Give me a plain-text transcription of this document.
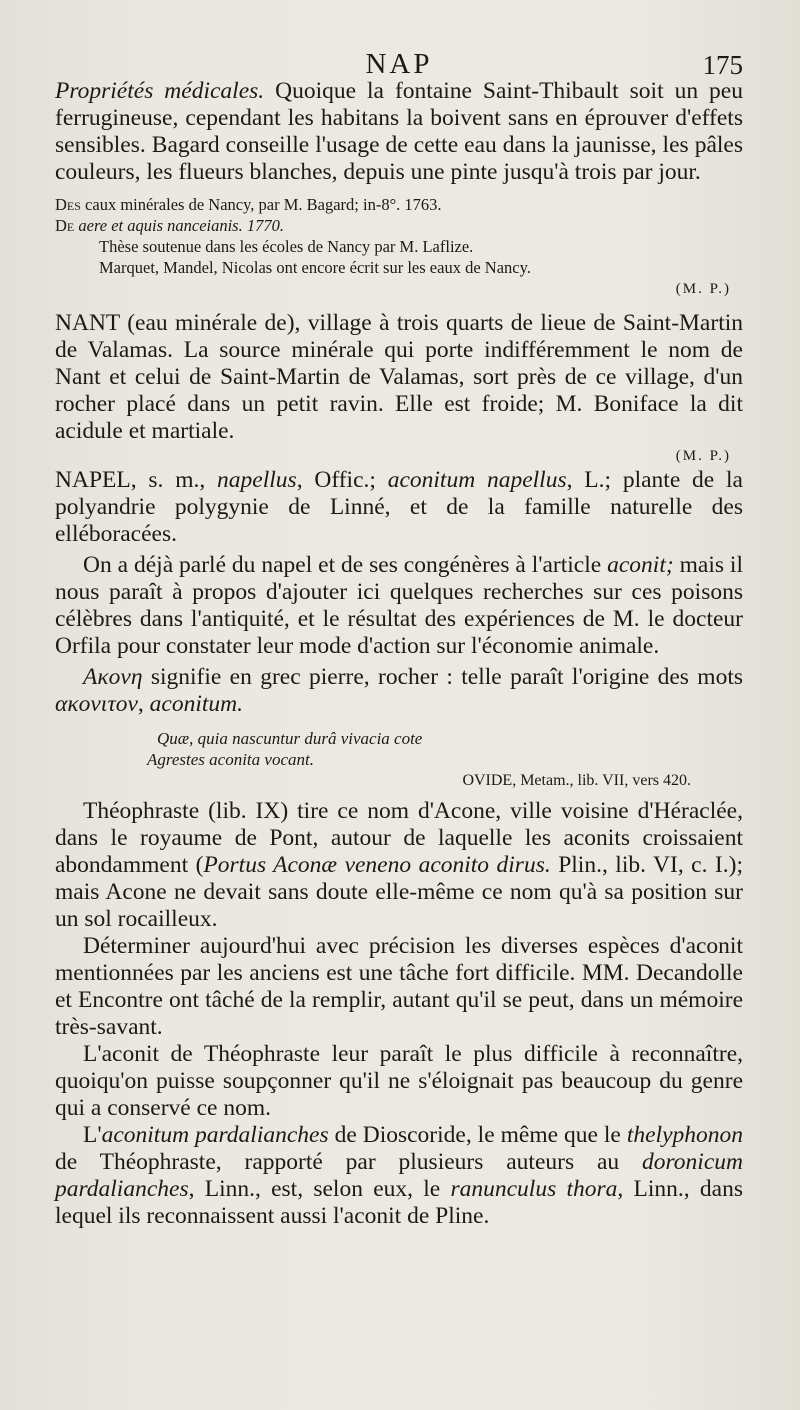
NAP	175

Propriétés médicales. Quoique la fontaine Saint-Thibault soit un peu ferrugineuse, cependant les habitans la boivent sans en éprouver d'effets sensibles. Bagard conseille l'usage de cette eau dans la jaunisse, les pâles couleurs, les flueurs blanches, depuis une pinte jusqu'à trois par jour.

Des caux minérales de Nancy, par M. Bagard; in-8°. 1763.

De aere et aquis nanceianis. 1770.

Thèse soutenue dans les écoles de Nancy par M. Laflize.

Marquet, Mandel, Nicolas ont encore écrit sur les eaux de Nancy.

(M. P.)

NANT (eau minérale de), village à trois quarts de lieue de Saint-Martin de Valamas. La source minérale qui porte indifféremment le nom de Nant et celui de Saint-Martin de Valamas, sort près de ce village, d'un rocher placé dans un petit ravin. Elle est froide; M. Boniface la dit acidule et martiale.

(M. P.)

NAPEL, s. m., napellus, Offic.; aconitum napellus, L.; plante de la polyandrie polygynie de Linné, et de la famille naturelle des elléboracées.

On a déjà parlé du napel et de ses congénères à l'article aconit; mais il nous paraît à propos d'ajouter ici quelques recherches sur ces poisons célèbres dans l'antiquité, et le résultat des expériences de M. le docteur Orfila pour constater leur mode d'action sur l'économie animale.

Ακονη signifie en grec pierre, rocher : telle paraît l'origine des mots ακονιτον, aconitum.

Quæ, quia nascuntur durâ vivacia cote

Agrestes aconita vocant.

OVIDE, Metam., lib. VII, vers 420.

Théophraste (lib. IX) tire ce nom d'Acone, ville voisine d'Héraclée, dans le royaume de Pont, autour de laquelle les aconits croissaient abondamment (Portus Aconæ veneno aconito dirus. Plin., lib. VI, c. I.); mais Acone ne devait sans doute elle-même ce nom qu'à sa position sur un sol rocailleux.

Déterminer aujourd'hui avec précision les diverses espèces d'aconit mentionnées par les anciens est une tâche fort difficile. MM. Decandolle et Encontre ont tâché de la remplir, autant qu'il se peut, dans un mémoire très-savant.

L'aconit de Théophraste leur paraît le plus difficile à reconnaître, quoiqu'on puisse soupçonner qu'il ne s'éloignait pas beaucoup du genre qui a conservé ce nom.

L'aconitum pardalianches de Dioscoride, le même que le thelyphonon de Théophraste, rapporté par plusieurs auteurs au doronicum pardalianches, Linn., est, selon eux, le ranunculus thora, Linn., dans lequel ils reconnaissent aussi l'aconit de Pline.
